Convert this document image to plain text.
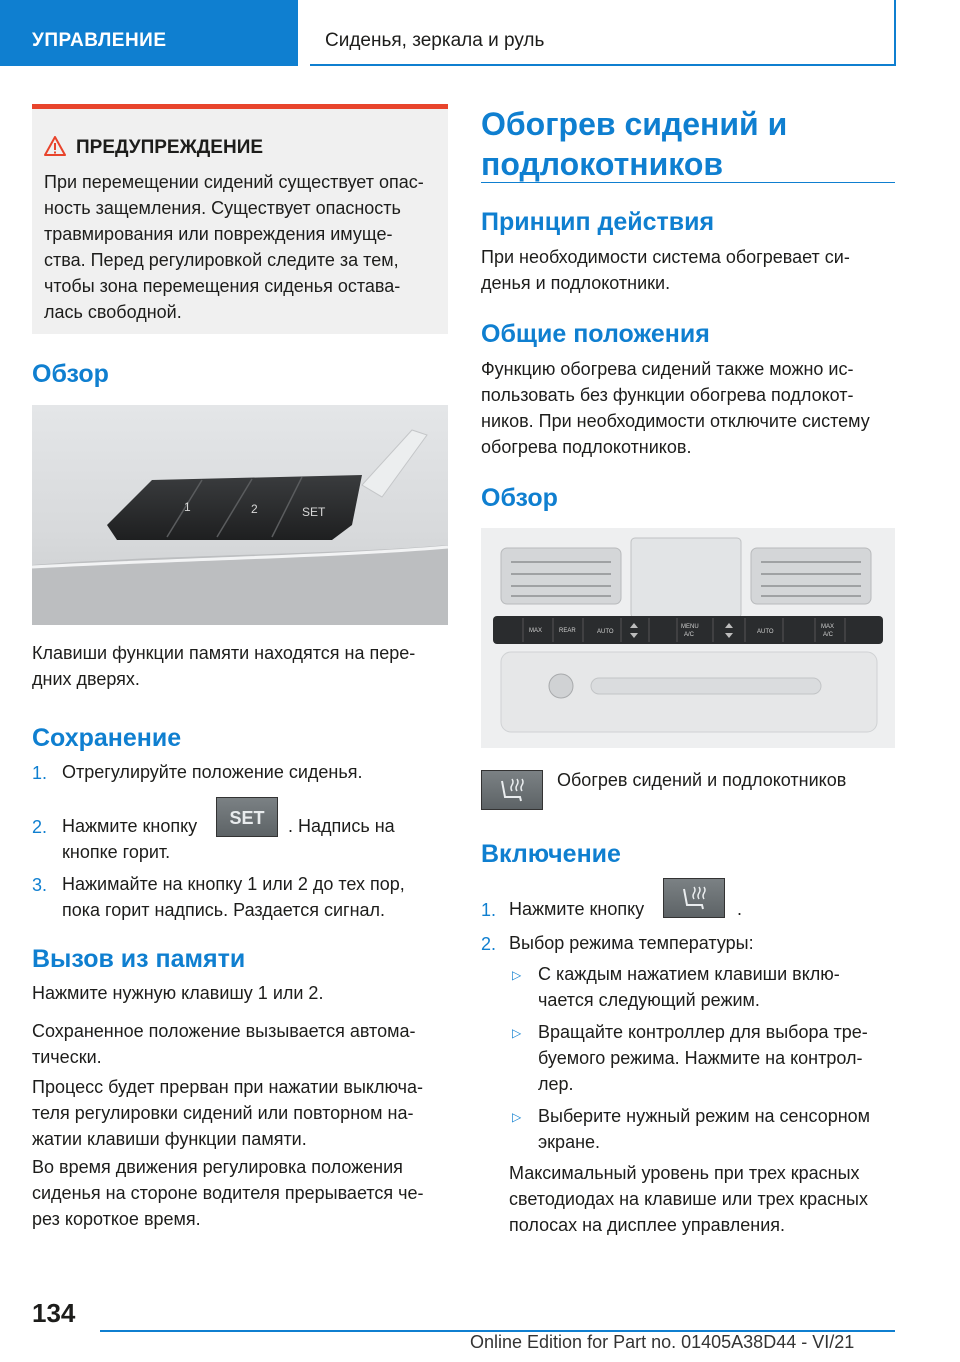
УПРАВЛЕНИЕ	Сиденья, зеркала и руль
ПРЕДУПРЕЖДЕНИЕ
При перемещении сидений существует опас-
ность защемления. Существует опасность
травмирования или повреждения имуще-
ства. Перед регулировкой следите за тем,
чтобы зона перемещения сиденья остава-
лась свободной.
Обзор
1	2	SET
Клавиши функции памяти находятся на пере-
дних дверях.
Сохранение
1. Отрегулируйте положение сиденья.
2. Нажмите кнопку	SET	. Надпись на
кнопке горит.
3. Нажимайте на кнопку 1 или 2 до тех пор,
пока горит надпись. Раздается сигнал.
Вызов из памяти
Нажмите нужную клавишу 1 или 2.
Сохраненное положение вызывается автома-
тически.
Процесс будет прерван при нажатии выключа-
теля регулировки сидений или повторном на-
жатии клавиши функции памяти.
Во время движения регулировка положения
сиденья на стороне водителя прерывается че-
рез короткое время.
Обогрев сидений и
подлокотников
Принцип действия
При необходимости система обогревает си-
денья и подлокотники.
Общие положения
Функцию обогрева сидений также можно ис-
пользовать без функции обогрева подлокот-
ников. При необходимости отключите систему
обогрева подлокотников.
Обзор
MAX	REAR	AUTO
MENU
A/C	AUTO
MAX
A/C
Обогрев сидений и подлокотников
Включение
1. Нажмите кнопку	.
2. Выбор режима температуры:
▷ С каждым нажатием клавиши вклю-
чается следующий режим.
▷ Вращайте контроллер для выбора тре-
буемого режима. Нажмите на контрол-
лер.
▷ Выберите нужный режим на сенсорном
экране.
Максимальный уровень при трех красных
светодиодах на клавише или трех красных
полосах на дисплее управления.
134
Online Edition for Part no. 01405A38D44 - VI/21
